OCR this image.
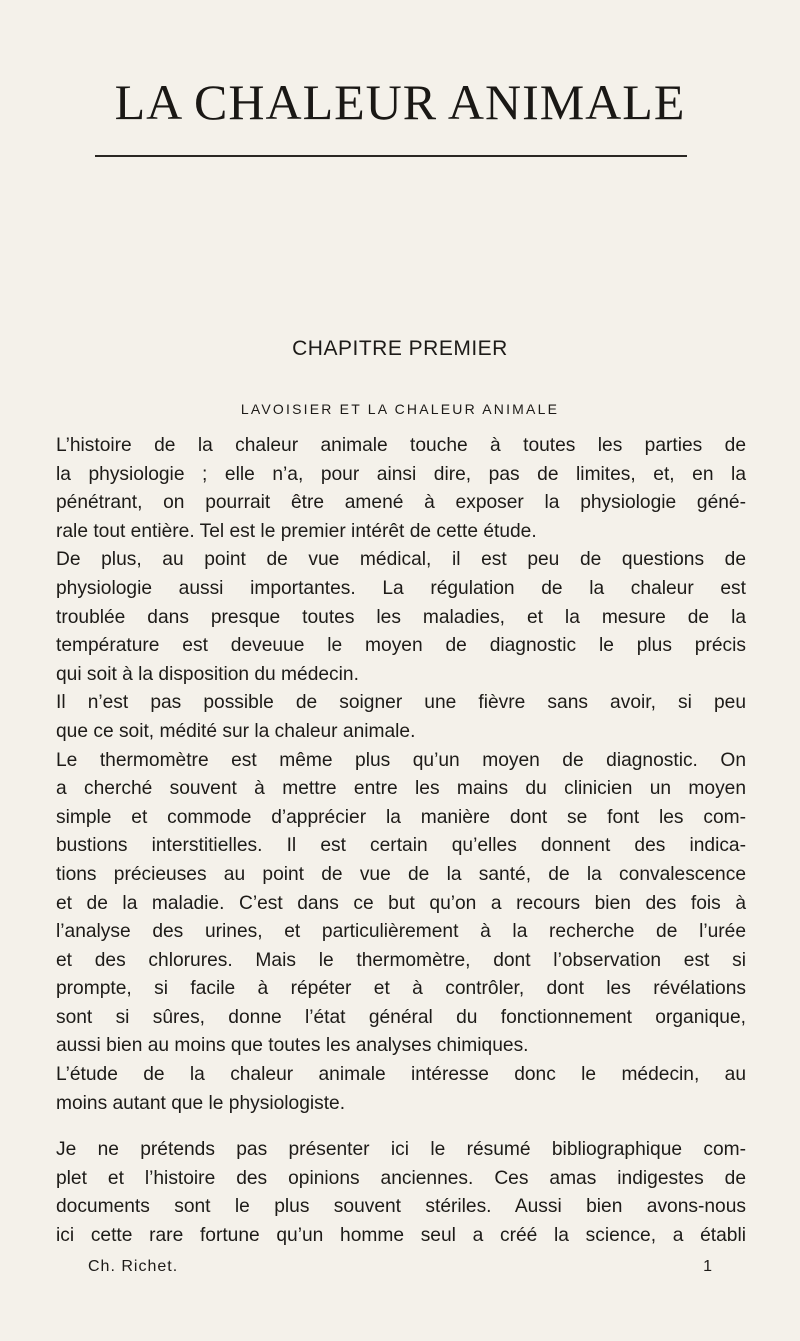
LA CHALEUR ANIMALE
CHAPITRE PREMIER
LAVOISIER ET LA CHALEUR ANIMALE

L’histoire de la chaleur animale touche à toutes les parties de
la physiologie ; elle n’a, pour ainsi dire, pas de limites, et, en la
pénétrant, on pourrait être amené à exposer la physiologie géné-
rale tout entière. Tel est le premier intérêt de cette étude.

De plus, au point de vue médical, il est peu de questions de
physiologie aussi importantes. La régulation de la chaleur est
troublée dans presque toutes les maladies, et la mesure de la
température est deveuue le moyen de diagnostic le plus précis
qui soit à la disposition du médecin.

Il n’est pas possible de soigner une fièvre sans avoir, si peu
que ce soit, médité sur la chaleur animale.

Le thermomètre est même plus qu’un moyen de diagnostic. On
a cherché souvent à mettre entre les mains du clinicien un moyen
simple et commode d’apprécier la manière dont se font les com-
bustions interstitielles. Il est certain qu’elles donnent des indica-
tions précieuses au point de vue de la santé, de la convalescence
et de la maladie. C’est dans ce but qu’on a recours bien des fois à
l’analyse des urines, et particulièrement à la recherche de l’urée
et des chlorures. Mais le thermomètre, dont l’observation est si
prompte, si facile à répéter et à contrôler, dont les révélations
sont si sûres, donne l’état général du fonctionnement organique,
aussi bien au moins que toutes les analyses chimiques.

L’étude de la chaleur animale intéresse donc le médecin, au
moins autant que le physiologiste.

Je ne prétends pas présenter ici le résumé bibliographique com-
plet et l’histoire des opinions anciennes. Ces amas indigestes de
documents sont le plus souvent stériles. Aussi bien avons-nous
ici cette rare fortune qu’un homme seul a créé la science, a établi

Ch. Richet.	1
